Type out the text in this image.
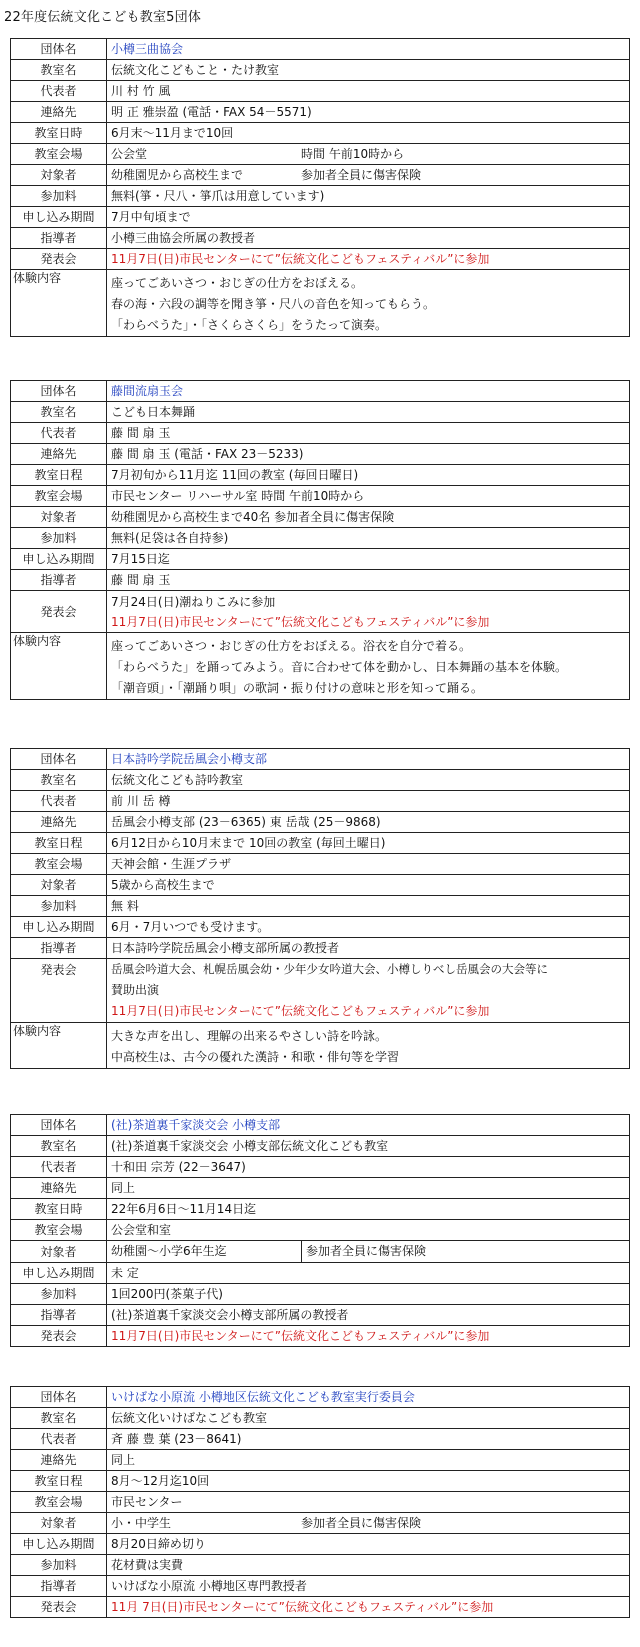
22年度伝統文化こども教室5団体
団体名	小樽三曲協会
教室名	伝統文化こどもこと・たけ教室
代表者	川 村 竹 風
連絡先	明 正 雅崇盈 (電話・FAX 54－5571)
教室日時	6月末～11月まで10回
教室会場	公会堂 時間 午前10時から
対象者	幼稚園児から高校生まで 参加者全員に傷害保険
参加料	無料(箏・尺八・箏爪は用意しています)
申し込み期間	7月中旬頃まで
指導者	小樽三曲協会所属の教授者
発表会	11月7日(日)市民センターにて”伝統文化こどもフェスティバル”に参加
体験内容	座ってごあいさつ・おじぎの仕方をおぼえる。
春の海・六段の調等を聞き箏・尺八の音色を知ってもらう。
「わらべうた」・「さくらさくら」をうたって演奏。
団体名	藤間流扇玉会
教室名	こども日本舞踊
代表者	藤 間 扇 玉
連絡先	藤 間 扇 玉 (電話・FAX 23－5233)
教室日程	7月初旬から11月迄 11回の教室 (毎回日曜日)
教室会場	市民センター リハーサル室 時間 午前10時から
対象者	幼稚園児から高校生まで40名 参加者全員に傷害保険
参加料	無料(足袋は各自持参)
申し込み期間	7月15日迄
指導者	藤 間 扇 玉
発表会	7月24日(日)潮ねりこみに参加
11月7日(日)市民センターにて”伝統文化こどもフェスティバル”に参加

体験内容	座ってごあいさつ・おじぎの仕方をおぼえる。浴衣を自分で着る。
「わらべうた」を踊ってみよう。音に合わせて体を動かし、日本舞踊の基本を体験。
「潮音頭」・「潮踊り唄」の歌詞・振り付けの意味と形を知って踊る。
団体名	日本詩吟学院岳風会小樽支部
教室名	伝統文化こども詩吟教室
代表者	前 川 岳 樽
連絡先	岳風会小樽支部 (23－6365) 東 岳哉 (25－9868)
教室日程	6月12日から10月末まで 10回の教室 (毎回土曜日)
教室会場	天神会館・生涯プラザ
対象者	5歳から高校生まで
参加料	無 料
申し込み期間	6月・7月いつでも受けます。
指導者	日本詩吟学院岳風会小樽支部所属の教授者
発表会	岳風会吟道大会、札幌岳風会幼・少年少女吟道大会、小樽しりべし岳風会の大会等に
賛助出演
11月7日(日)市民センターにて”伝統文化こどもフェスティバル”に参加

体験内容	大きな声を出し、理解の出来るやさしい詩を吟詠。
中高校生は、古今の優れた漢詩・和歌・俳句等を学習
団体名	(社)茶道裏千家淡交会 小樽支部
教室名	(社)茶道裏千家淡交会 小樽支部伝統文化こども教室
代表者	十和田 宗芳 (22－3647)
連絡先	同上
教室日時	22年6月6日～11月14日迄
教室会場	公会堂和室
対象者	幼稚園～小学6年生迄 参加者全員に傷害保険
申し込み期間	未 定
参加料	1回200円(茶菓子代)
指導者	(社)茶道裏千家淡交会小樽支部所属の教授者
発表会	11月7日(日)市民センターにて”伝統文化こどもフェスティバル”に参加
団体名	いけばな小原流 小樽地区伝統文化こども教室実行委員会
教室名	伝統文化いけばなこども教室
代表者	斉 藤 豊 葉 (23－8641)
連絡先	同上
教室日程	8月～12月迄10回
教室会場	市民センター
対象者	小・中学生 参加者全員に傷害保険
申し込み期間	8月20日締め切り
参加料	花材費は実費
指導者	いけばな小原流 小樽地区専門教授者
発表会	11月 7日(日)市民センターにて”伝統文化こどもフェスティバル”に参加
